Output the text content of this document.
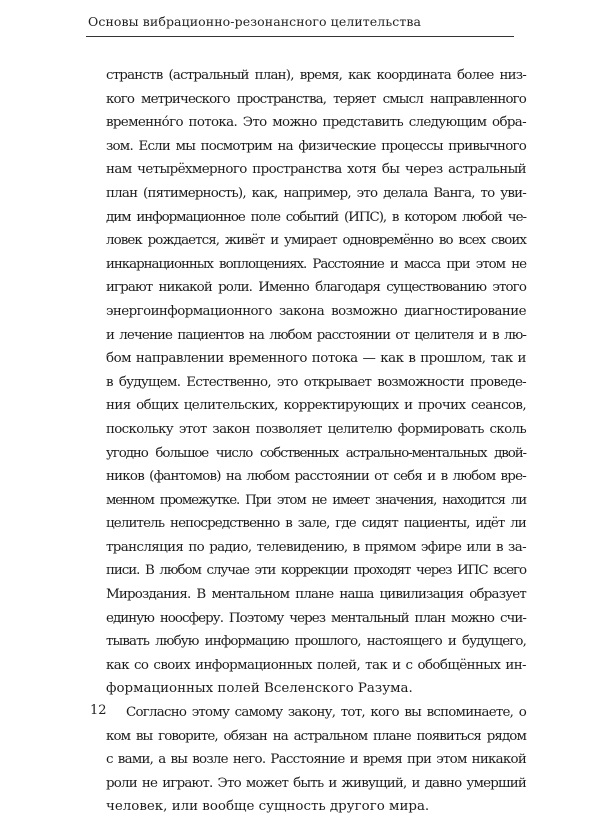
Основы вибрационно-резонансного целительства
странств (астральный план), время, как координата более низ-
кого метрического пространства, теряет смысл направленного
временно́го потока. Это можно представить следующим обра-
зом. Если мы посмотрим на физические процессы привычного
нам четырёхмерного пространства хотя бы через астральный
план (пятимерность), как, например, это делала Ванга, то уви-
дим информационное поле событий (ИПС), в котором любой че-
ловек рождается, живёт и умирает одновремённо во всех своих
инкарнационных воплощениях. Расстояние и масса при этом не
играют никакой роли. Именно благодаря существованию этого
энергоинформационного закона возможно диагностирование
и лечение пациентов на любом расстоянии от целителя и в лю-
бом направлении временного потока — как в прошлом, так и
в будущем. Естественно, это открывает возможности проведе-
ния общих целительских, корректирующих и прочих сеансов,
поскольку этот закон позволяет целителю формировать сколь
угодно большое число собственных астрально-ментальных двой-
ников (фантомов) на любом расстоянии от себя и в любом вре-
менном промежутке. При этом не имеет значения, находится ли
целитель непосредственно в зале, где сидят пациенты, идёт ли
трансляция по радио, телевидению, в прямом эфире или в за-
писи. В любом случае эти коррекции проходят через ИПС всего
Мироздания. В ментальном плане наша цивилизация образует
единую ноосферу. Поэтому через ментальный план можно счи-
тывать любую информацию прошлого, настоящего и будущего,
как со своих информационных полей, так и с обобщённых ин-
формационных полей Вселенского Разума.
Согласно этому самому закону, тот, кого вы вспоминаете, о
ком вы говорите, обязан на астральном плане появиться рядом
с вами, а вы возле него. Расстояние и время при этом никакой
роли не играют. Это может быть и живущий, и давно умерший
человек, или вообще сущность другого мира.
12
